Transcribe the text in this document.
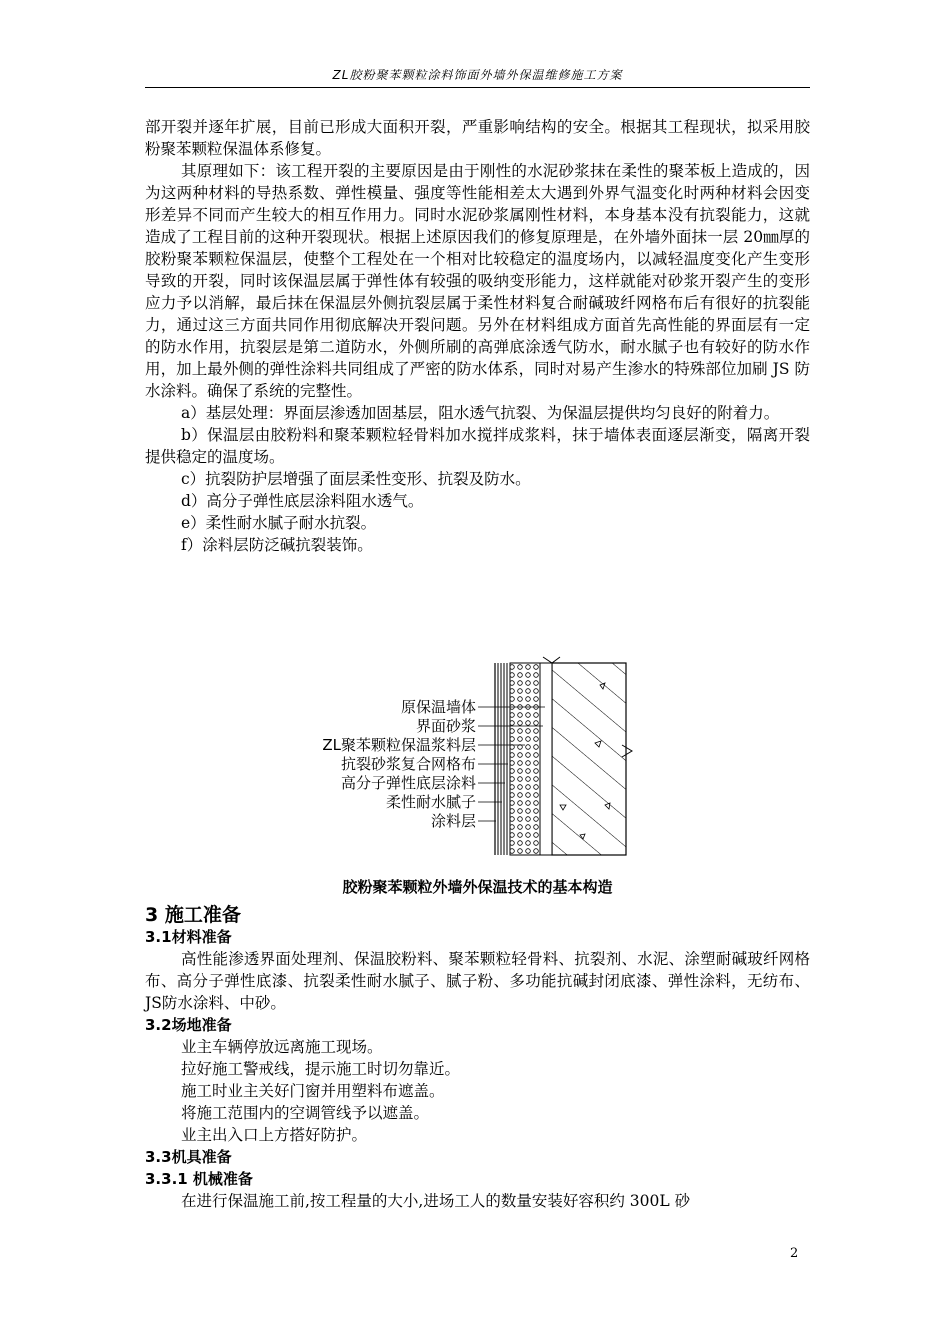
ZL胶粉聚苯颗粒涂料饰面外墙外保温维修施工方案

部开裂并逐年扩展，目前已形成大面积开裂，严重影响结构的安全。根据其工程现状，拟采用胶粉聚苯颗粒保温体系修复。

其原理如下：该工程开裂的主要原因是由于刚性的水泥砂浆抹在柔性的聚苯板上造成的，因为这两种材料的导热系数、弹性模量、强度等性能相差太大遇到外界气温变化时两种材料会因变形差异不同而产生较大的相互作用力。同时水泥砂浆属刚性材料，本身基本没有抗裂能力，这就造成了工程目前的这种开裂现状。根据上述原因我们的修复原理是，在外墙外面抹一层 20㎜厚的胶粉聚苯颗粒保温层，使整个工程处在一个相对比较稳定的温度场内，以减轻温度变化产生变形导致的开裂，同时该保温层属于弹性体有较强的吸纳变形能力，这样就能对砂浆开裂产生的变形应力予以消解，最后抹在保温层外侧抗裂层属于柔性材料复合耐碱玻纤网格布后有很好的抗裂能力，通过这三方面共同作用彻底解决开裂问题。另外在材料组成方面首先高性能的界面层有一定的防水作用，抗裂层是第二道防水，外侧所刷的高弹底涂透气防水，耐水腻子也有较好的防水作用，加上最外侧的弹性涂料共同组成了严密的防水体系，同时对易产生渗水的特殊部位加刷 JS 防水涂料。确保了系统的完整性。

a）基层处理：界面层渗透加固基层，阻水透气抗裂、为保温层提供均匀良好的附着力。

b）保温层由胶粉料和聚苯颗粒轻骨料加水搅拌成浆料，抹于墙体表面逐层渐变，隔离开裂提供稳定的温度场。

c）抗裂防护层增强了面层柔性变形、抗裂及防水。

d）高分子弹性底层涂料阻水透气。

e）柔性耐水腻子耐水抗裂。

f）涂料层防泛碱抗裂装饰。

原保温墙体
界面砂浆
ZL聚苯颗粒保温浆料层
抗裂砂浆复合网格布
高分子弹性底层涂料
柔性耐水腻子
涂料层
胶粉聚苯颗粒外墙外保温技术的基本构造
3 施工准备

3.1材料准备

高性能渗透界面处理剂、保温胶粉料、聚苯颗粒轻骨料、抗裂剂、水泥、涂塑耐碱玻纤网格布、高分子弹性底漆、抗裂柔性耐水腻子、腻子粉、多功能抗碱封闭底漆、弹性涂料，无纺布、JS防水涂料、中砂。

3.2场地准备

业主车辆停放远离施工现场。

拉好施工警戒线，提示施工时切勿靠近。

施工时业主关好门窗并用塑料布遮盖。

将施工范围内的空调管线予以遮盖。

业主出入口上方搭好防护。

3.3机具准备

3.3.1 机械准备

在进行保温施工前,按工程量的大小,进场工人的数量安装好容积约 300L 砂

2
